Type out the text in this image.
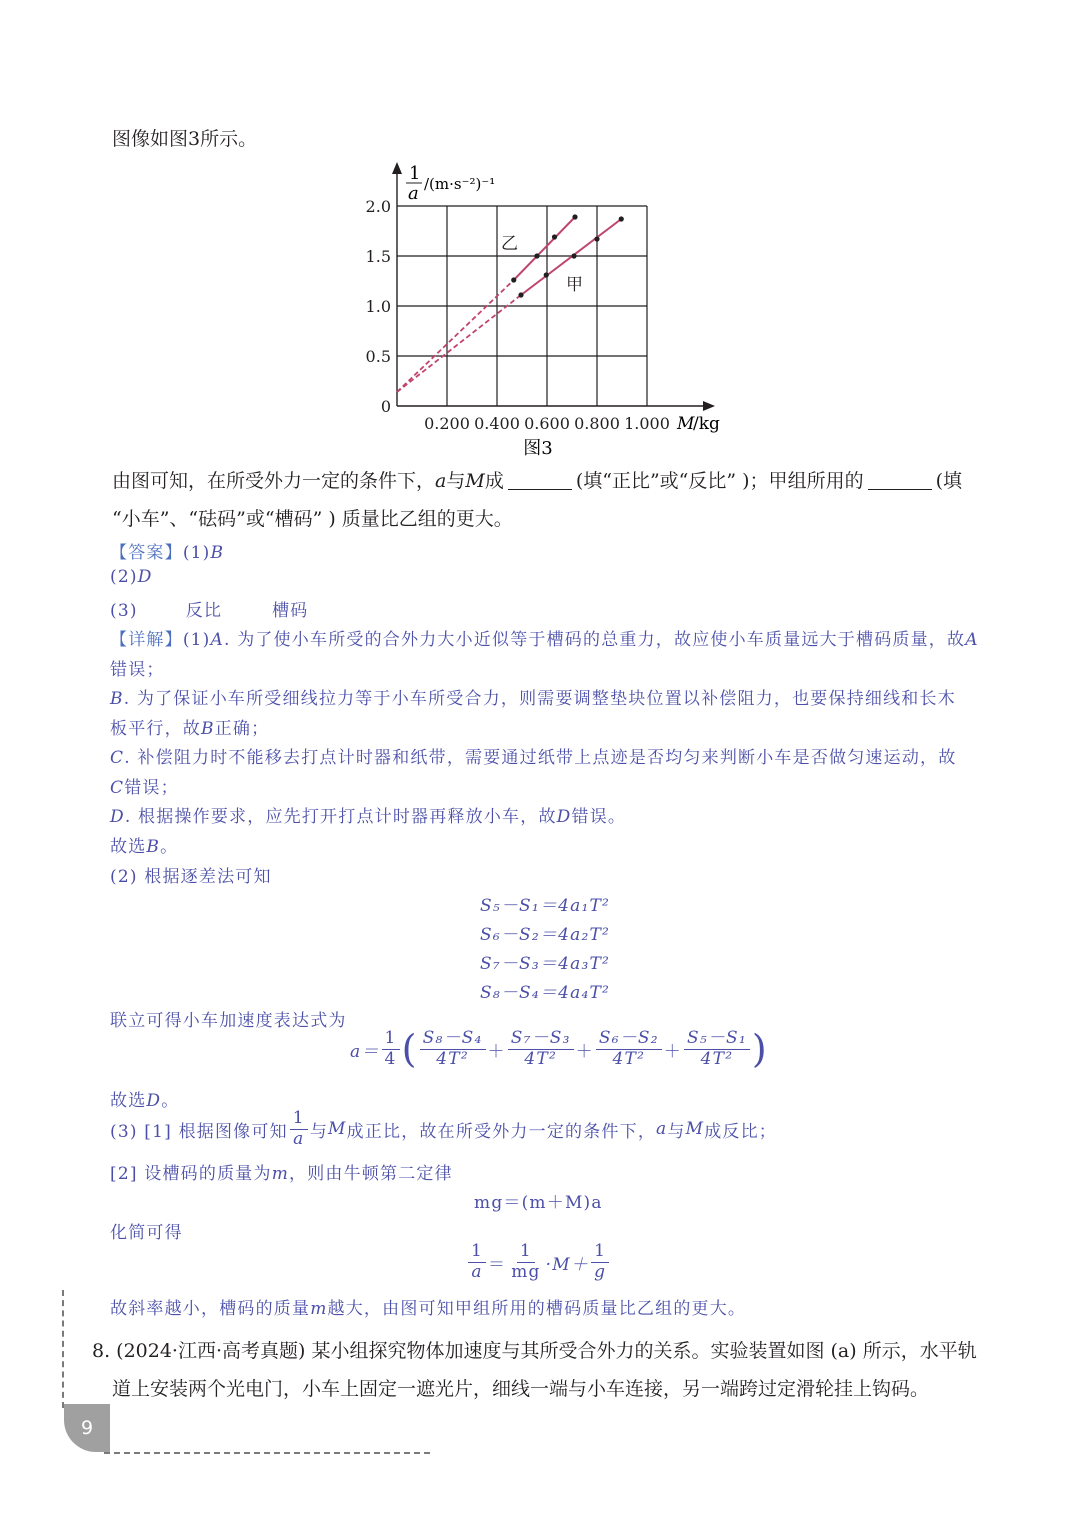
图像如图3所示。
0.200 0.400 0.600 0.800 1.000
0
0.5
1.0
1.5
2.0
乙
甲
1
a /(m·s⁻²)⁻¹
M
/kg
图3
由图可知，在所受外力一定的条件下，a与M成	(填“正比”或“反比” )；甲组所用的	(填
“小车”、“砝码”或“槽码” ) 质量比乙组的更大。
【答案】(1)B
(2)D
(3)	反比	槽码
【详解】(1)A. 为了使小车所受的合外力大小近似等于槽码的总重力，故应使小车质量远大于槽码质量，故A
错误；
B. 为了保证小车所受细线拉力等于小车所受合力，则需要调整垫块位置以补偿阻力，也要保持细线和长木
板平行，故B正确；
C. 补偿阻力时不能移去打点计时器和纸带，需要通过纸带上点迹是否均匀来判断小车是否做匀速运动，故
C错误；
D. 根据操作要求，应先打开打点计时器再释放小车，故D错误。
故选B。
(2) 根据逐差法可知
S₅－S₁＝4a₁T²
S₆－S₂＝4a₂T²
S₇－S₃＝4a₃T²
S₈－S₄＝4a₄T²
联立可得小车加速度表达式为
$a= \frac{1}{4}$ ( $\frac{\text{S₈－S₄}}{\text{4T²}} + \frac{\text{S₇－S₃}}{\text{4T²}} + \frac{\text{S₆－S₂}}{\text{4T²}} + \frac{\text{S₅－S₁}}{\text{4T²}}$ )
故选D。
(3) [1] 根据图像可知 $\frac{1}{a}$ 与 M 成正比，故在所受外力一定的条件下， a 与 M 成反比；
[2] 设槽码的质量为m，则由牛顿第二定律
mg＝(m＋M)a
化简可得
$\frac{1}{a} = \frac{1}{mg} \cdot M+ \frac{1}{g}$
故斜率越小，槽码的质量m越大，由图可知甲组所用的槽码质量比乙组的更大。
8. (2024·江西·高考真题) 某小组探究物体加速度与其所受合外力的关系。实验装置如图 (a) 所示，水平轨
道上安装两个光电门，小车上固定一遮光片，细线一端与小车连接，另一端跨过定滑轮挂上钩码。
9
